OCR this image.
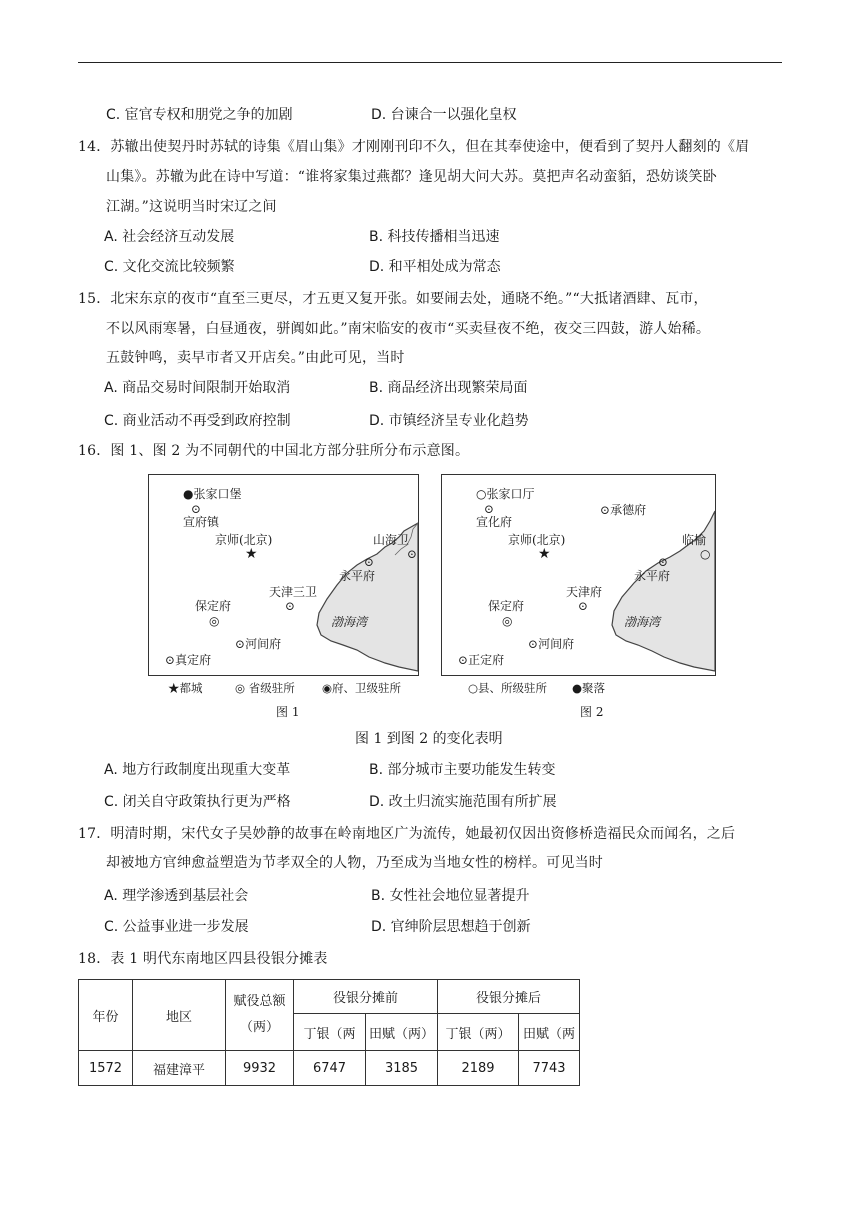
C. 宦官专权和朋党之争的加剧	D. 台谏合一以强化皇权
14．苏辙出使契丹时苏轼的诗集《眉山集》才刚刚刊印不久，但在其奉使途中，便看到了契丹人翻刻的《眉
山集》。苏辙为此在诗中写道：“谁将家集过燕都？逢见胡大问大苏。莫把声名动蛮貊，恐妨谈笑卧
江湖。”这说明当时宋辽之间
A. 社会经济互动发展	B. 科技传播相当迅速
C. 文化交流比较频繁	D. 和平相处成为常态
15．北宋东京的夜市“直至三更尽，才五更又复开张。如要闹去处，通晓不绝。”“大抵诸酒肆、瓦市，
不以风雨寒暑，白昼通夜，骈阗如此。”南宋临安的夜市“买卖昼夜不绝，夜交三四鼓，游人始稀。
五鼓钟鸣，卖早市者又开店矣。”由此可见，当时
A. 商品交易时间限制开始取消	B. 商品经济出现繁荣局面
C. 商业活动不再受到政府控制	D. 市镇经济呈专业化趋势
16．图 1、图 2 为不同朝代的中国北方部分驻所分布示意图。
●张家口堡
⊙
宣府镇
京师(北京)
★
山海卫
⊙
⊙
永平府
天津三卫
⊙
保定府
◎	渤海湾
⊙河间府
⊙真定府
★都城	◎ 省级驻所 ◉府、卫级驻所
图 1
○张家口厅
⊙
宣化府
⊙承德府
京师(北京)
★
临榆
○
⊙
永平府
天津府
⊙
保定府
◎	渤海湾
⊙河间府
⊙正定府
○县、所级驻所 ●聚落
图 2
图 1 到图 2 的变化表明
A. 地方行政制度出现重大变革	B. 部分城市主要功能发生转变
C. 闭关自守政策执行更为严格	D. 改土归流实施范围有所扩展
17．明清时期，宋代女子吴妙静的故事在岭南地区广为流传，她最初仅因出资修桥造福民众而闻名，之后
却被地方官绅愈益塑造为节孝双全的人物，乃至成为当地女性的榜样。可见当时
A. 理学渗透到基层社会	B. 女性社会地位显著提升
C. 公益事业进一步发展	D. 官绅阶层思想趋于创新
18．表 1 明代东南地区四县役银分摊表
年份	地区	赋役总额
（两）	役银分摊前		役银分摊后	
			丁银（两	田赋（两）	丁银（两）	田赋（两
1572	福建漳平	9932	6747	3185	2189	7743
